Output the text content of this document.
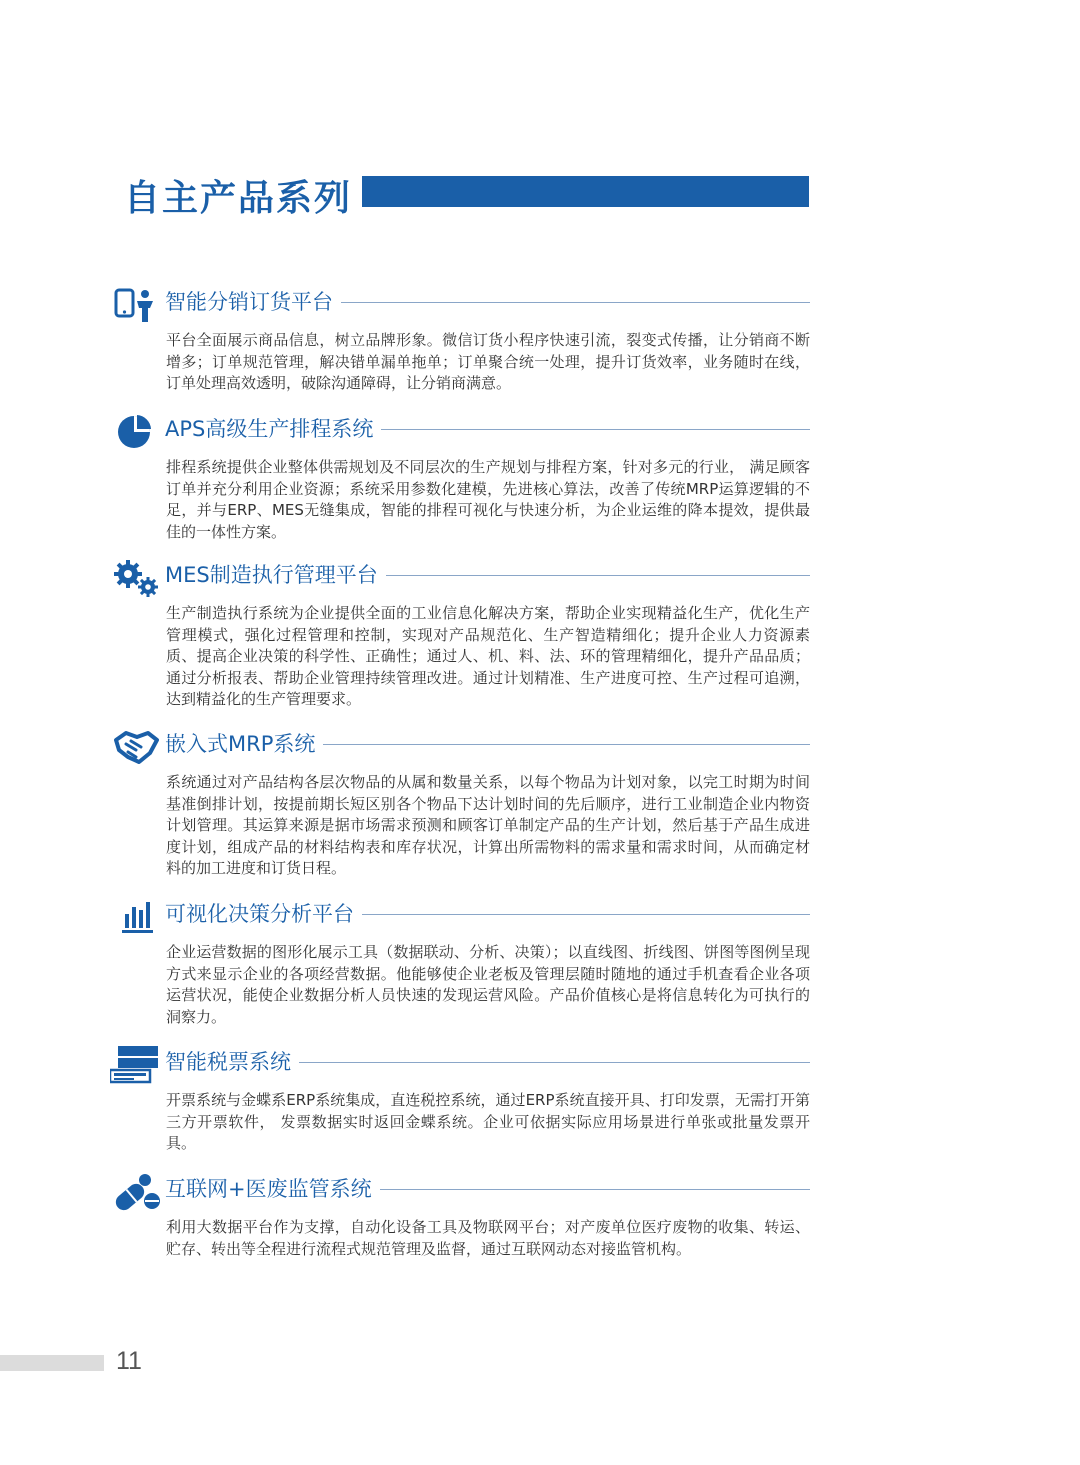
自主产品系列
智能分销订货平台
平台全面展示商品信息，树立品牌形象。微信订货小程序快速引流，裂变式传播，让分销商不断增多；订单规范管理，解决错单漏单拖单；订单聚合统一处理，提升订货效率，业务随时在线，订单处理高效透明，破除沟通障碍，让分销商满意。
APS高级生产排程系统
排程系统提供企业整体供需规划及不同层次的生产规划与排程方案，针对多元的行业， 满足顾客订单并充分利用企业资源；系统采用参数化建模，先进核心算法，改善了传统MRP运算逻辑的不足，并与ERP、MES无缝集成，智能的排程可视化与快速分析，为企业运维的降本提效，提供最佳的一体性方案。
MES制造执行管理平台
生产制造执行系统为企业提供全面的工业信息化解决方案，帮助企业实现精益化生产，优化生产管理模式，强化过程管理和控制，实现对产品规范化、生产智造精细化；提升企业人力资源素质、提高企业决策的科学性、正确性；通过人、机、料、法、环的管理精细化，提升产品品质；通过分析报表、帮助企业管理持续管理改进。通过计划精准、生产进度可控、生产过程可追溯，达到精益化的生产管理要求。
嵌入式MRP系统
系统通过对产品结构各层次物品的从属和数量关系，以每个物品为计划对象，以完工时期为时间基准倒排计划，按提前期长短区别各个物品下达计划时间的先后顺序，进行工业制造企业内物资计划管理。其运算来源是据市场需求预测和顾客订单制定产品的生产计划，然后基于产品生成进度计划，组成产品的材料结构表和库存状况，计算出所需物料的需求量和需求时间，从而确定材料的加工进度和订货日程。
可视化决策分析平台
企业运营数据的图形化展示工具（数据联动、分析、决策）；以直线图、折线图、饼图等图例呈现方式来显示企业的各项经营数据。他能够使企业老板及管理层随时随地的通过手机查看企业各项运营状况，能使企业数据分析人员快速的发现运营风险。产品价值核心是将信息转化为可执行的洞察力。
智能税票系统
开票系统与金蝶系ERP系统集成，直连税控系统，通过ERP系统直接开具、打印发票，无需打开第三方开票软件， 发票数据实时返回金蝶系统。企业可依据实际应用场景进行单张或批量发票开具。
互联网+医废监管系统
利用大数据平台作为支撑，自动化设备工具及物联网平台；对产废单位医疗废物的收集、转运、贮存、转出等全程进行流程式规范管理及监督，通过互联网动态对接监管机构。
11
